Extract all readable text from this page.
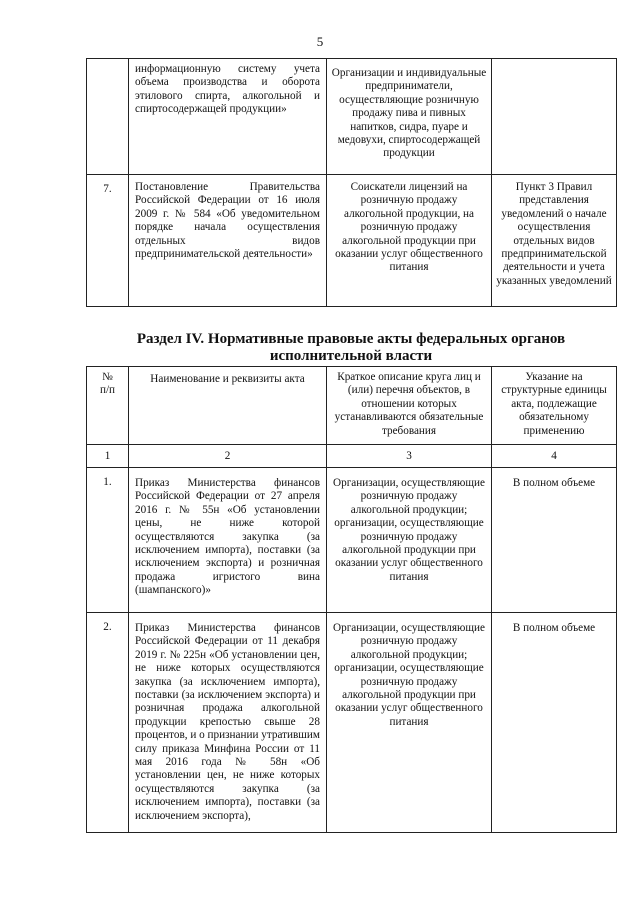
5

	информационную систему учета объема производства и оборота этилового спирта, алкогольной и спиртосодержащей продукции»	Организации и индивидуальные предприниматели, осуществляющие розничную продажу пива и пивных напитков, сидра, пуаре и медовухи, спиртосодержащей продукции	

7.	Постановление Правительства Российской Федерации от 16 июля 2009 г. № 584 «Об уведомительном порядке начала осуществления отдельных видов предпринимательской деятельности»	Соискатели лицензий на розничную продажу алкогольной продукции, на розничную продажу алкогольной продукции при оказании услуг общественного питания	Пункт 3 Правил представления уведомлений о начале осуществления отдельных видов предпринимательской деятельности и учета указанных уведомлений
Раздел IV. Нормативные правовые акты федеральных органов исполнительной власти
№ п/п	Наименование и реквизиты акта	Краткое описание круга лиц и (или) перечня объектов, в отношении которых устанавливаются обязательные требования	Указание на структурные единицы акта, подлежащие обязательному применению

1	2	3	4

1.	Приказ Министерства финансов Российской Федерации от 27 апреля 2016 г. № 55н «Об установлении цены, не ниже которой осуществляются закупка (за исключением импорта), поставки (за исключением экспорта) и розничная продажа игристого вина (шампанского)»	Организации, осуществляющие розничную продажу алкогольной продукции; организации, осуществляющие розничную продажу алкогольной продукции при оказании услуг общественного питания	В полном объеме

2.	Приказ Министерства финансов Российской Федерации от 11 декабря 2019 г. № 225н «Об установлении цен, не ниже которых осуществляются закупка (за исключением импорта), поставки (за исключением экспорта) и розничная продажа алкогольной продукции крепостью свыше 28 процентов, и о признании утратившим силу приказа Минфина России от 11 мая 2016 года № 58н «Об установлении цен, не ниже которых осуществляются закупка (за исключением импорта), поставки (за исключением экспорта),	Организации, осуществляющие розничную продажу алкогольной продукции; организации, осуществляющие розничную продажу алкогольной продукции при оказании услуг общественного питания	В полном объеме
